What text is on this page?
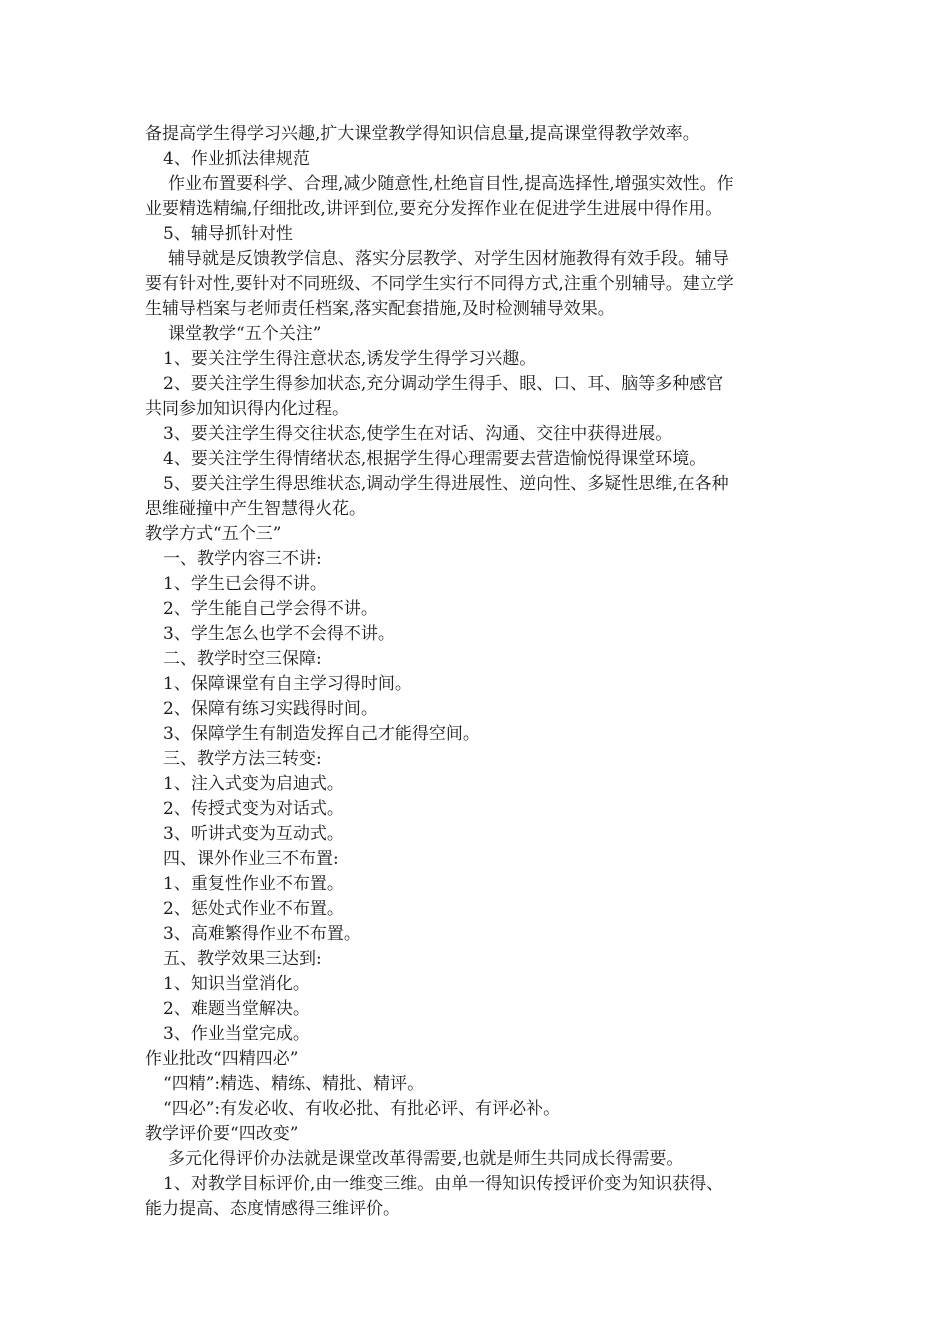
备提高学生得学习兴趣,扩大课堂教学得知识信息量,提高课堂得教学效率。
4、作业抓法律规范
作业布置要科学、合理,减少随意性,杜绝盲目性,提高选择性,增强实效性。作
业要精选精编,仔细批改,讲评到位,要充分发挥作业在促进学生进展中得作用。
5、辅导抓针对性
辅导就是反馈教学信息、落实分层教学、对学生因材施教得有效手段。辅导
要有针对性,要针对不同班级、不同学生实行不同得方式,注重个别辅导。建立学
生辅导档案与老师责任档案,落实配套措施,及时检测辅导效果。
课堂教学“五个关注”
1、要关注学生得注意状态,诱发学生得学习兴趣。
2、要关注学生得参加状态,充分调动学生得手、眼、口、耳、脑等多种感官
共同参加知识得内化过程。
3、要关注学生得交往状态,使学生在对话、沟通、交往中获得进展。
4、要关注学生得情绪状态,根据学生得心理需要去营造愉悦得课堂环境。
5、要关注学生得思维状态,调动学生得进展性、逆向性、多疑性思维,在各种
思维碰撞中产生智慧得火花。
教学方式“五个三”
一、教学内容三不讲:
1、学生已会得不讲。
2、学生能自己学会得不讲。
3、学生怎么也学不会得不讲。
二、教学时空三保障:
1、保障课堂有自主学习得时间。
2、保障有练习实践得时间。
3、保障学生有制造发挥自己才能得空间。
三、教学方法三转变:
1、注入式变为启迪式。
2、传授式变为对话式。
3、听讲式变为互动式。
四、课外作业三不布置:
1、重复性作业不布置。
2、惩处式作业不布置。
3、高难繁得作业不布置。
五、教学效果三达到:
1、知识当堂消化。
2、难题当堂解决。
3、作业当堂完成。
作业批改“四精四必”
“四精”:精选、精练、精批、精评。
“四必”:有发必收、有收必批、有批必评、有评必补。
教学评价要“四改变”
多元化得评价办法就是课堂改革得需要,也就是师生共同成长得需要。
1、对教学目标评价,由一维变三维。由单一得知识传授评价变为知识获得、
能力提高、态度情感得三维评价。
